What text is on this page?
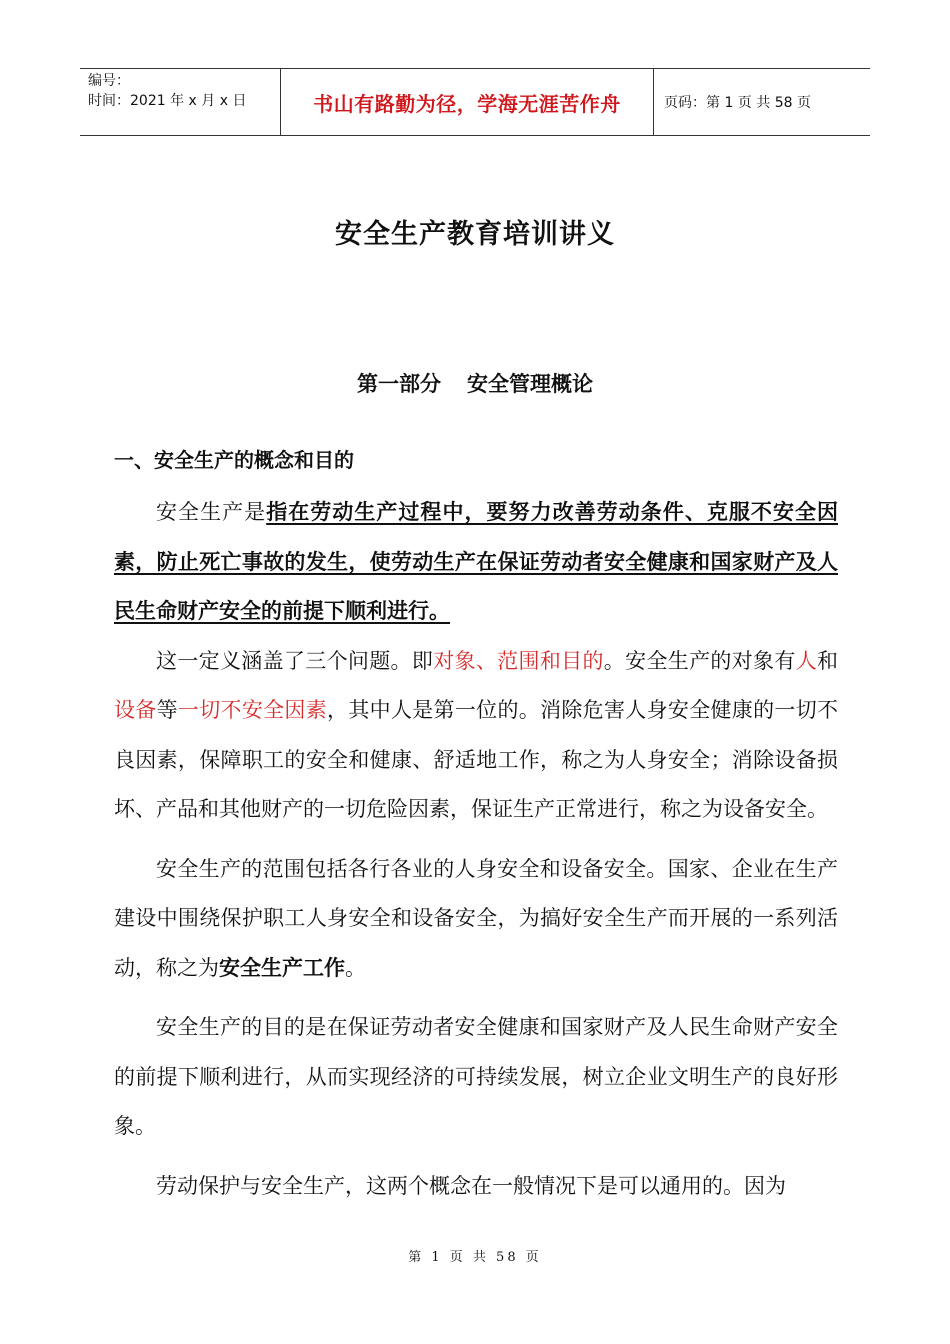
编号：
时间：2021 年 x 月 x 日	书山有路勤为径，学海无涯苦作舟	页码：第 1 页 共 58 页
安全生产教育培训讲义
第一部分 安全管理概论
一、安全生产的概念和目的

安全生产是指在劳动生产过程中，要努力改善劳动条件、克服不安全因素，防止死亡事故的发生，使劳动生产在保证劳动者安全健康和国家财产及人民生命财产安全的前提下顺利进行。

这一定义涵盖了三个问题。即对象、范围和目的。安全生产的对象有人和设备等一切不安全因素，其中人是第一位的。消除危害人身安全健康的一切不良因素，保障职工的安全和健康、舒适地工作，称之为人身安全；消除设备损坏、产品和其他财产的一切危险因素，保证生产正常进行，称之为设备安全。

安全生产的范围包括各行各业的人身安全和设备安全。国家、企业在生产建设中围绕保护职工人身安全和设备安全，为搞好安全生产而开展的一系列活动，称之为安全生产工作。

安全生产的目的是在保证劳动者安全健康和国家财产及人民生命财产安全的前提下顺利进行，从而实现经济的可持续发展，树立企业文明生产的良好形象。

劳动保护与安全生产，这两个概念在一般情况下是可以通用的。因为

第 1 页 共 58 页
